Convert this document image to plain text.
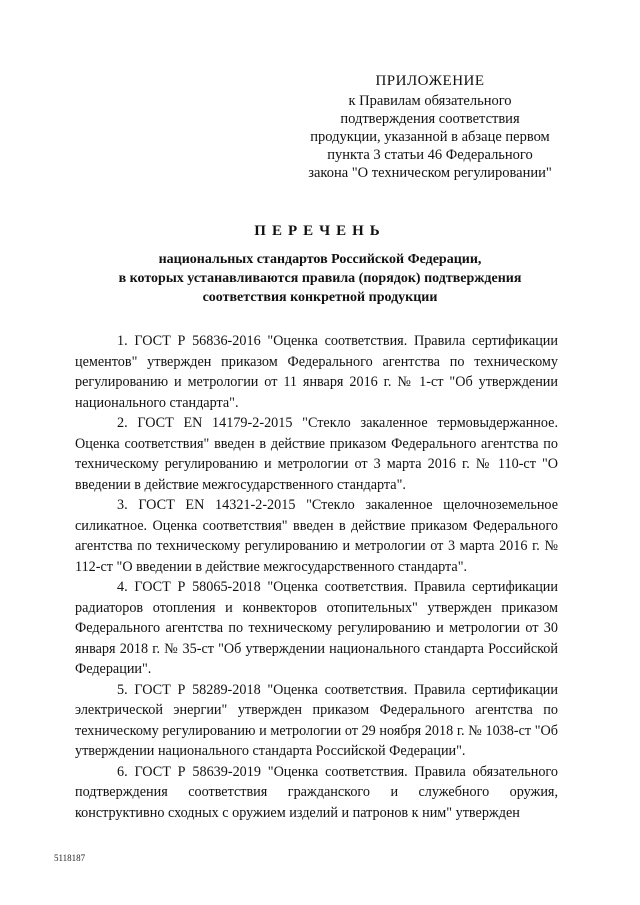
ПРИЛОЖЕНИЕ
к Правилам обязательного
подтверждения соответствия
продукции, указанной в абзаце первом
пункта 3 статьи 46 Федерального
закона "О техническом регулировании"
ПЕРЕЧЕНЬ
национальных стандартов Российской Федерации,
в которых устанавливаются правила (порядок) подтверждения
соответствия конкретной продукции

1. ГОСТ Р 56836-2016 "Оценка соответствия. Правила сертификации цементов" утвержден приказом Федерального агентства по техническому регулированию и метрологии от 11 января 2016 г. № 1-ст "Об утверждении национального стандарта".

2. ГОСТ EN 14179-2-2015 "Стекло закаленное термовыдержанное. Оценка соответствия" введен в действие приказом Федерального агентства по техническому регулированию и метрологии от 3 марта 2016 г. № 110-ст "О введении в действие межгосударственного стандарта".

3. ГОСТ EN 14321-2-2015 "Стекло закаленное щелочноземельное силикатное. Оценка соответствия" введен в действие приказом Федерального агентства по техническому регулированию и метрологии от 3 марта 2016 г. № 112-ст "О введении в действие межгосударственного стандарта".

4. ГОСТ Р 58065-2018 "Оценка соответствия. Правила сертификации радиаторов отопления и конвекторов отопительных" утвержден приказом Федерального агентства по техническому регулированию и метрологии от 30 января 2018 г. № 35-ст "Об утверждении национального стандарта Российской Федерации".

5. ГОСТ Р 58289-2018 "Оценка соответствия. Правила сертификации электрической энергии" утвержден приказом Федерального агентства по техническому регулированию и метрологии от 29 ноября 2018 г. № 1038-ст "Об утверждении национального стандарта Российской Федерации".

6. ГОСТ Р 58639-2019 "Оценка соответствия. Правила обязательного подтверждения соответствия гражданского и служебного оружия, конструктивно сходных с оружием изделий и патронов к ним" утвержден

5118187
